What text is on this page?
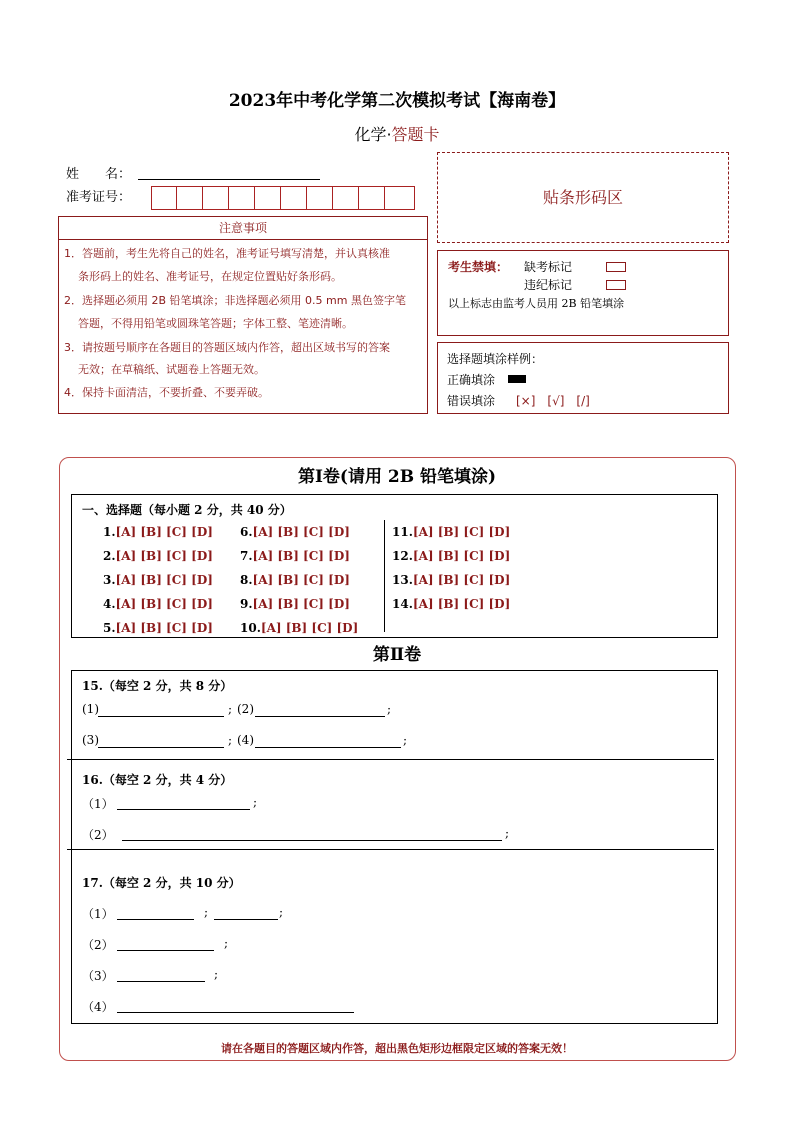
2023年中考化学第二次模拟考试【海南卷】
化学·答题卡
姓　　名：
准考证号：
注意事项
1．答题前，考生先将自己的姓名，准考证号填写清楚，并认真核准
条形码上的姓名、准考证号，在规定位置贴好条形码。
2．选择题必须用 2B 铅笔填涂；非选择题必须用 0.5 mm 黑色签字笔
答题，不得用铅笔或圆珠笔答题；字体工整、笔迹清晰。
3．请按题号顺序在各题目的答题区域内作答，超出区域书写的答案
无效；在草稿纸、试题卷上答题无效。
4．保持卡面清洁，不要折叠、不要弄破。
贴条形码区
考生禁填： 缺考标记
违纪标记
以上标志由监考人员用 2B 铅笔填涂
选择题填涂样例：
正确填涂
错误填涂 [×]　[√]　[/]
第Ⅰ卷(请用 2B 铅笔填涂)
一、选择题（每小题 2 分，共 40 分）
1.[A] [B] [C] [D]
2.[A] [B] [C] [D]
3.[A] [B] [C] [D]
4.[A] [B] [C] [D]
5.[A] [B] [C] [D]
6.[A] [B] [C] [D]
7.[A] [B] [C] [D]
8.[A] [B] [C] [D]
9.[A] [B] [C] [D]
10.[A] [B] [C] [D]
11.[A] [B] [C] [D]
12.[A] [B] [C] [D]
13.[A] [B] [C] [D]
14.[A] [B] [C] [D]
第Ⅱ卷
15.（每空 2 分，共 8 分）
(1)	; (2)	;
(3)	; (4)	;
16.（每空 2 分，共 4 分）
（1）	;
（2）	;
17.（每空 2 分，共 10 分）
（1）	;	;
（2）	;
（3）	;
（4）
请在各题目的答题区域内作答，超出黑色矩形边框限定区域的答案无效！
